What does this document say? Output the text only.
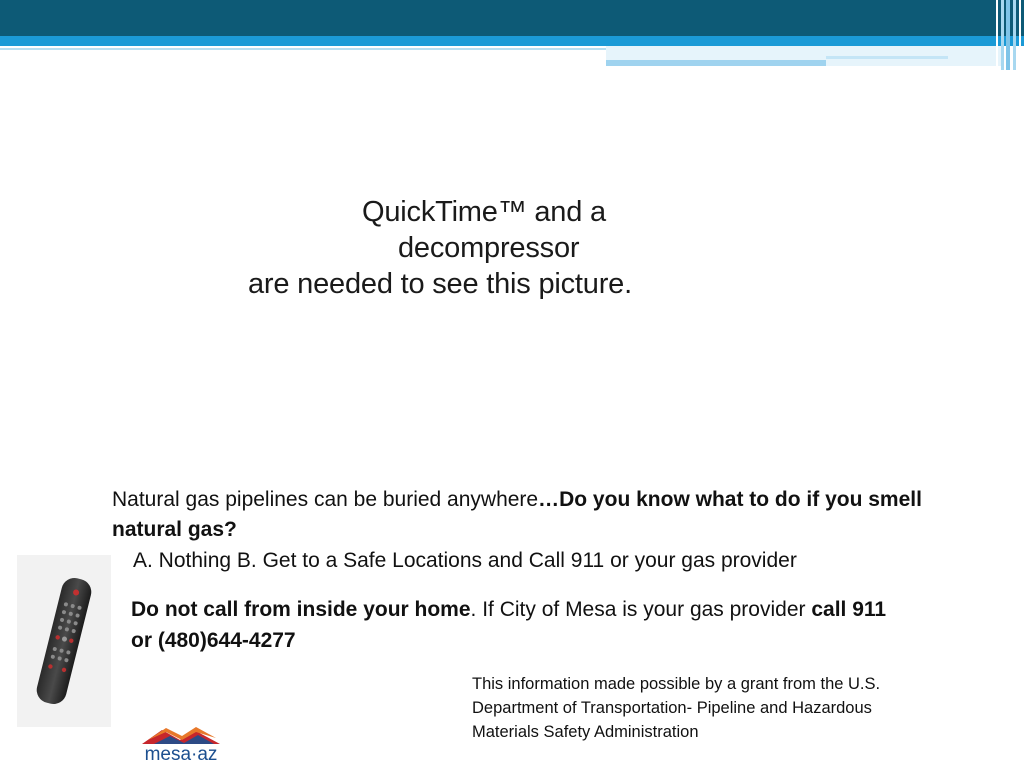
QuickTime™ and a
decompressor
are needed to see this picture.
Natural gas pipelines can be buried anywhere…Do you know what to do if you smell natural gas?
A. Nothing B. Get to a Safe Locations and Call 911 or your gas provider
Do not call from inside your home. If City of Mesa is your gas provider call 911 or (480)644-4277
This information made possible by a grant from the U.S.
Department of Transportation- Pipeline and Hazardous
Materials Safety Administration
mesa·az
